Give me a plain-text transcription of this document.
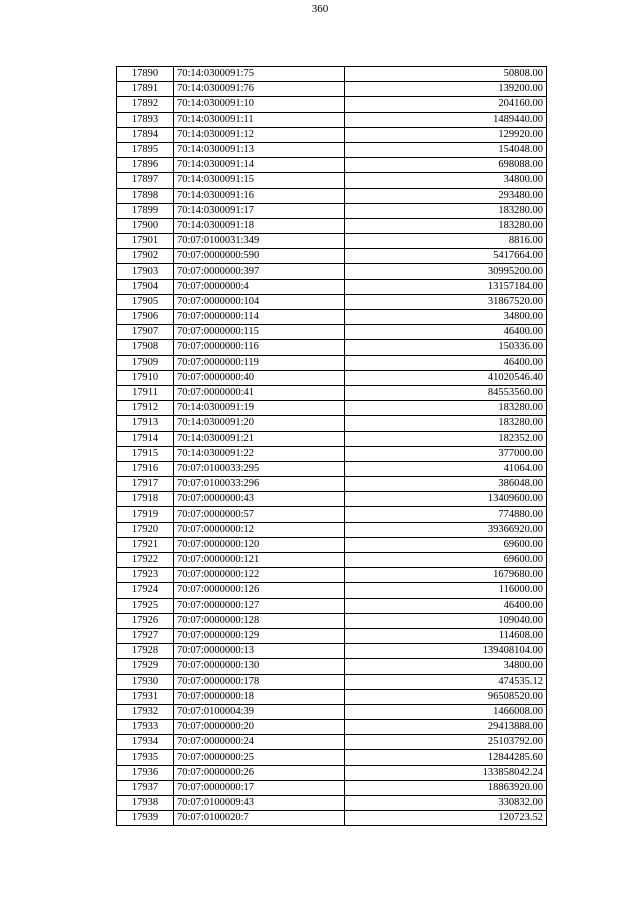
360
17890	70:14:0300091:75	50808.00
17891	70:14:0300091:76	139200.00
17892	70:14:0300091:10	204160.00
17893	70:14:0300091:11	1489440.00
17894	70:14:0300091:12	129920.00
17895	70:14:0300091:13	154048.00
17896	70:14:0300091:14	698088.00
17897	70:14:0300091:15	34800.00
17898	70:14:0300091:16	293480.00
17899	70:14:0300091:17	183280.00
17900	70:14:0300091:18	183280.00
17901	70:07:0100031:349	8816.00
17902	70:07:0000000:590	5417664.00
17903	70:07:0000000:397	30995200.00
17904	70:07:0000000:4	13157184.00
17905	70:07:0000000:104	31867520.00
17906	70:07:0000000:114	34800.00
17907	70:07:0000000:115	46400.00
17908	70:07:0000000:116	150336.00
17909	70:07:0000000:119	46400.00
17910	70:07:0000000:40	41020546.40
17911	70:07:0000000:41	84553560.00
17912	70:14:0300091:19	183280.00
17913	70:14:0300091:20	183280.00
17914	70:14:0300091:21	182352.00
17915	70:14:0300091:22	377000.00
17916	70:07:0100033:295	41064.00
17917	70:07:0100033:296	386048.00
17918	70:07:0000000:43	13409600.00
17919	70:07:0000000:57	774880.00
17920	70:07:0000000:12	39366920.00
17921	70:07:0000000:120	69600.00
17922	70:07:0000000:121	69600.00
17923	70:07:0000000:122	1679680.00
17924	70:07:0000000:126	116000.00
17925	70:07:0000000:127	46400.00
17926	70:07:0000000:128	109040.00
17927	70:07:0000000:129	114608.00
17928	70:07:0000000:13	139408104.00
17929	70:07:0000000:130	34800.00
17930	70:07:0000000:178	474535.12
17931	70:07:0000000:18	96508520.00
17932	70:07:0100004:39	1466008.00
17933	70:07:0000000:20	29413888.00
17934	70:07:0000000:24	25103792.00
17935	70:07:0000000:25	12844285.60
17936	70:07:0000000:26	133858042.24
17937	70:07:0000000:17	18863920.00
17938	70:07:0100009:43	330832.00
17939	70:07:0100020:7	120723.52
